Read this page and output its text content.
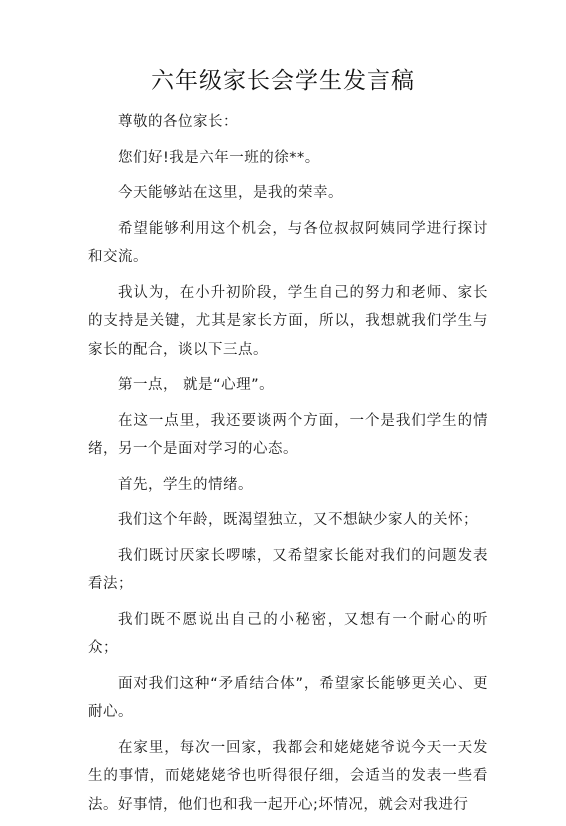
六年级家长会学生发言稿

尊敬的各位家长：

您们好!我是六年一班的徐**。

今天能够站在这里，是我的荣幸。

希望能够利用这个机会，与各位叔叔阿姨同学进行探讨和交流。

我认为，在小升初阶段，学生自己的努力和老师、家长的支持是关键，尤其是家长方面，所以，我想就我们学生与家长的配合，谈以下三点。

第一点， 就是“心理”。

在这一点里，我还要谈两个方面，一个是我们学生的情绪，另一个是面对学习的心态。

首先，学生的情绪。

我们这个年龄，既渴望独立，又不想缺少家人的关怀；

我们既讨厌家长啰嗦，又希望家长能对我们的问题发表看法；

我们既不愿说出自己的小秘密，又想有一个耐心的听众；

面对我们这种“矛盾结合体”，希望家长能够更关心、更耐心。

在家里，每次一回家，我都会和姥姥姥爷说今天一天发生的事情，而姥姥姥爷也听得很仔细，会适当的发表一些看法。好事情，他们也和我一起开心;坏情况，就会对我进行
